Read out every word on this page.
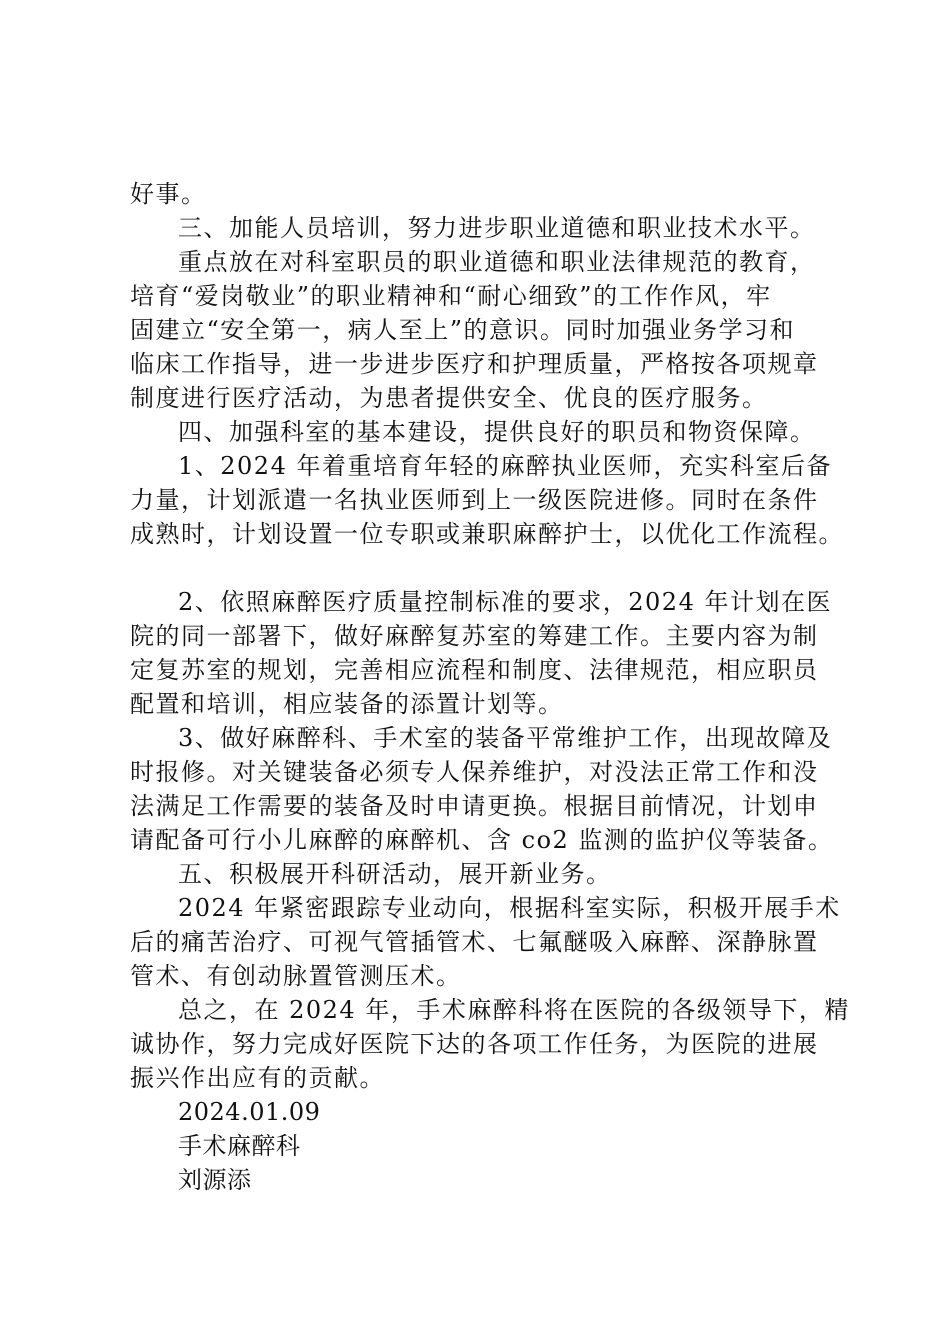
好事。
三、加能人员培训，努力进步职业道德和职业技术水平。
重点放在对科室职员的职业道德和职业法律规范的教育，
培育“爱岗敬业”的职业精神和“耐心细致”的工作作风，牢
固建立“安全第一，病人至上”的意识。同时加强业务学习和
临床工作指导，进一步进步医疗和护理质量，严格按各项规章
制度进行医疗活动，为患者提供安全、优良的医疗服务。
四、加强科室的基本建设，提供良好的职员和物资保障。
1、2024 年着重培育年轻的麻醉执业医师，充实科室后备
力量，计划派遣一名执业医师到上一级医院进修。同时在条件
成熟时，计划设置一位专职或兼职麻醉护士，以优化工作流程。
2、依照麻醉医疗质量控制标准的要求，2024 年计划在医
院的同一部署下，做好麻醉复苏室的筹建工作。主要内容为制
定复苏室的规划，完善相应流程和制度、法律规范，相应职员
配置和培训，相应装备的添置计划等。
3、做好麻醉科、手术室的装备平常维护工作，出现故障及
时报修。对关键装备必须专人保养维护，对没法正常工作和没
法满足工作需要的装备及时申请更换。根据目前情况，计划申
请配备可行小儿麻醉的麻醉机、含 co2 监测的监护仪等装备。
五、积极展开科研活动，展开新业务。
2024 年紧密跟踪专业动向，根据科室实际，积极开展手术
后的痛苦治疗、可视气管插管术、七氟醚吸入麻醉、深静脉置
管术、有创动脉置管测压术。
总之，在 2024 年，手术麻醉科将在医院的各级领导下，精
诚协作，努力完成好医院下达的各项工作任务，为医院的进展
振兴作出应有的贡献。
2024.01.09
手术麻醉科
刘源添
